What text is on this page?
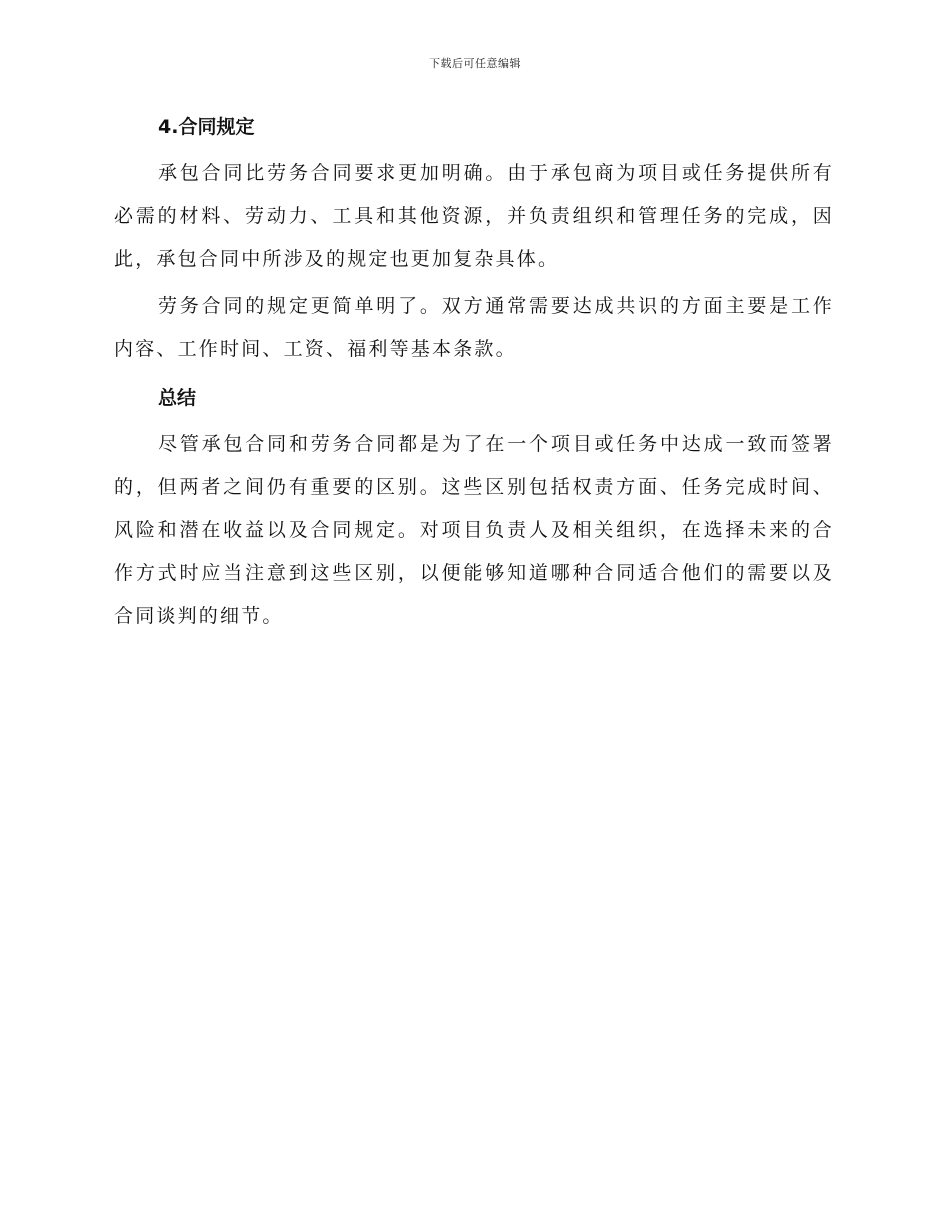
下载后可任意编辑
4.合同规定

承包合同比劳务合同要求更加明确。由于承包商为项目或任务提供所有必需的材料、劳动力、工具和其他资源，并负责组织和管理任务的完成，因此，承包合同中所涉及的规定也更加复杂具体。

劳务合同的规定更简单明了。双方通常需要达成共识的方面主要是工作内容、工作时间、工资、福利等基本条款。

总结

尽管承包合同和劳务合同都是为了在一个项目或任务中达成一致而签署的，但两者之间仍有重要的区别。这些区别包括权责方面、任务完成时间、风险和潜在收益以及合同规定。对项目负责人及相关组织，在选择未来的合作方式时应当注意到这些区别，以便能够知道哪种合同适合他们的需要以及合同谈判的细节。
